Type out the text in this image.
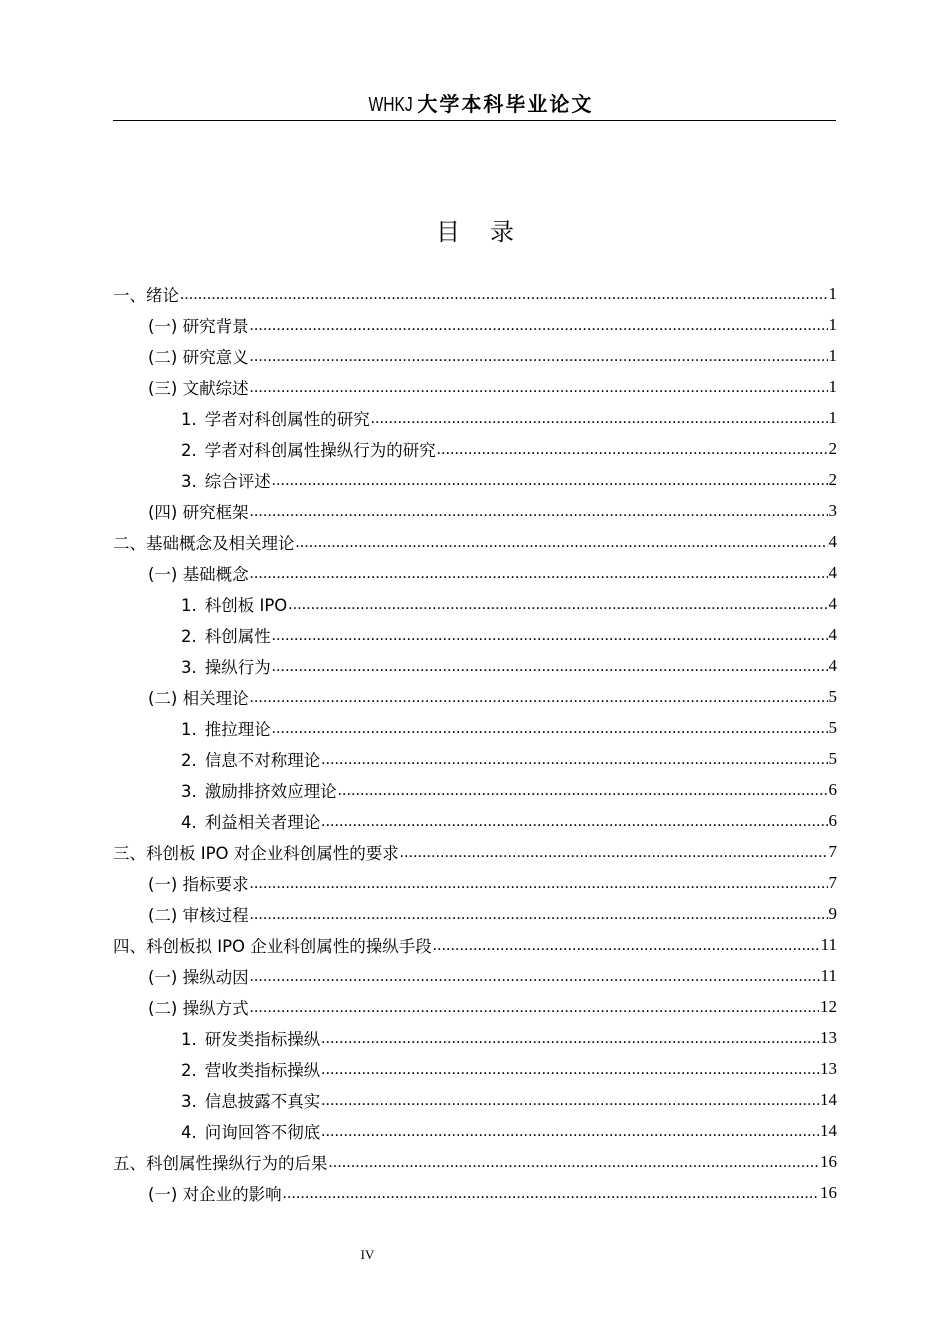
WHKJ 大学本科毕业论文
目 录
一、绪论 .....	1
(一) 研究背景 .....	1
(二) 研究意义 .....	1
(三) 文献综述 .....	1
1. 学者对科创属性的研究 .....	1
2. 学者对科创属性操纵行为的研究 .....	2
3. 综合评述 .....	2
(四) 研究框架 .....	3
二、基础概念及相关理论 .....	4
(一) 基础概念 .....	4
1. 科创板 IPO .....	4
2. 科创属性 .....	4
3. 操纵行为 .....	4
(二) 相关理论 .....	5
1. 推拉理论 .....	5
2. 信息不对称理论 .....	5
3. 激励排挤效应理论 .....	6
4. 利益相关者理论 .....	6
三、科创板 IPO 对企业科创属性的要求 .....	7
(一) 指标要求 .....	7
(二) 审核过程 .....	9
四、科创板拟 IPO 企业科创属性的操纵手段 .....	11
(一) 操纵动因 .....	11
(二) 操纵方式 .....	12
1. 研发类指标操纵 .....	13
2. 营收类指标操纵 .....	13
3. 信息披露不真实 .....	14
4. 问询回答不彻底 .....	14
五、科创属性操纵行为的后果 .....	16
(一) 对企业的影响 .....	16
IV
